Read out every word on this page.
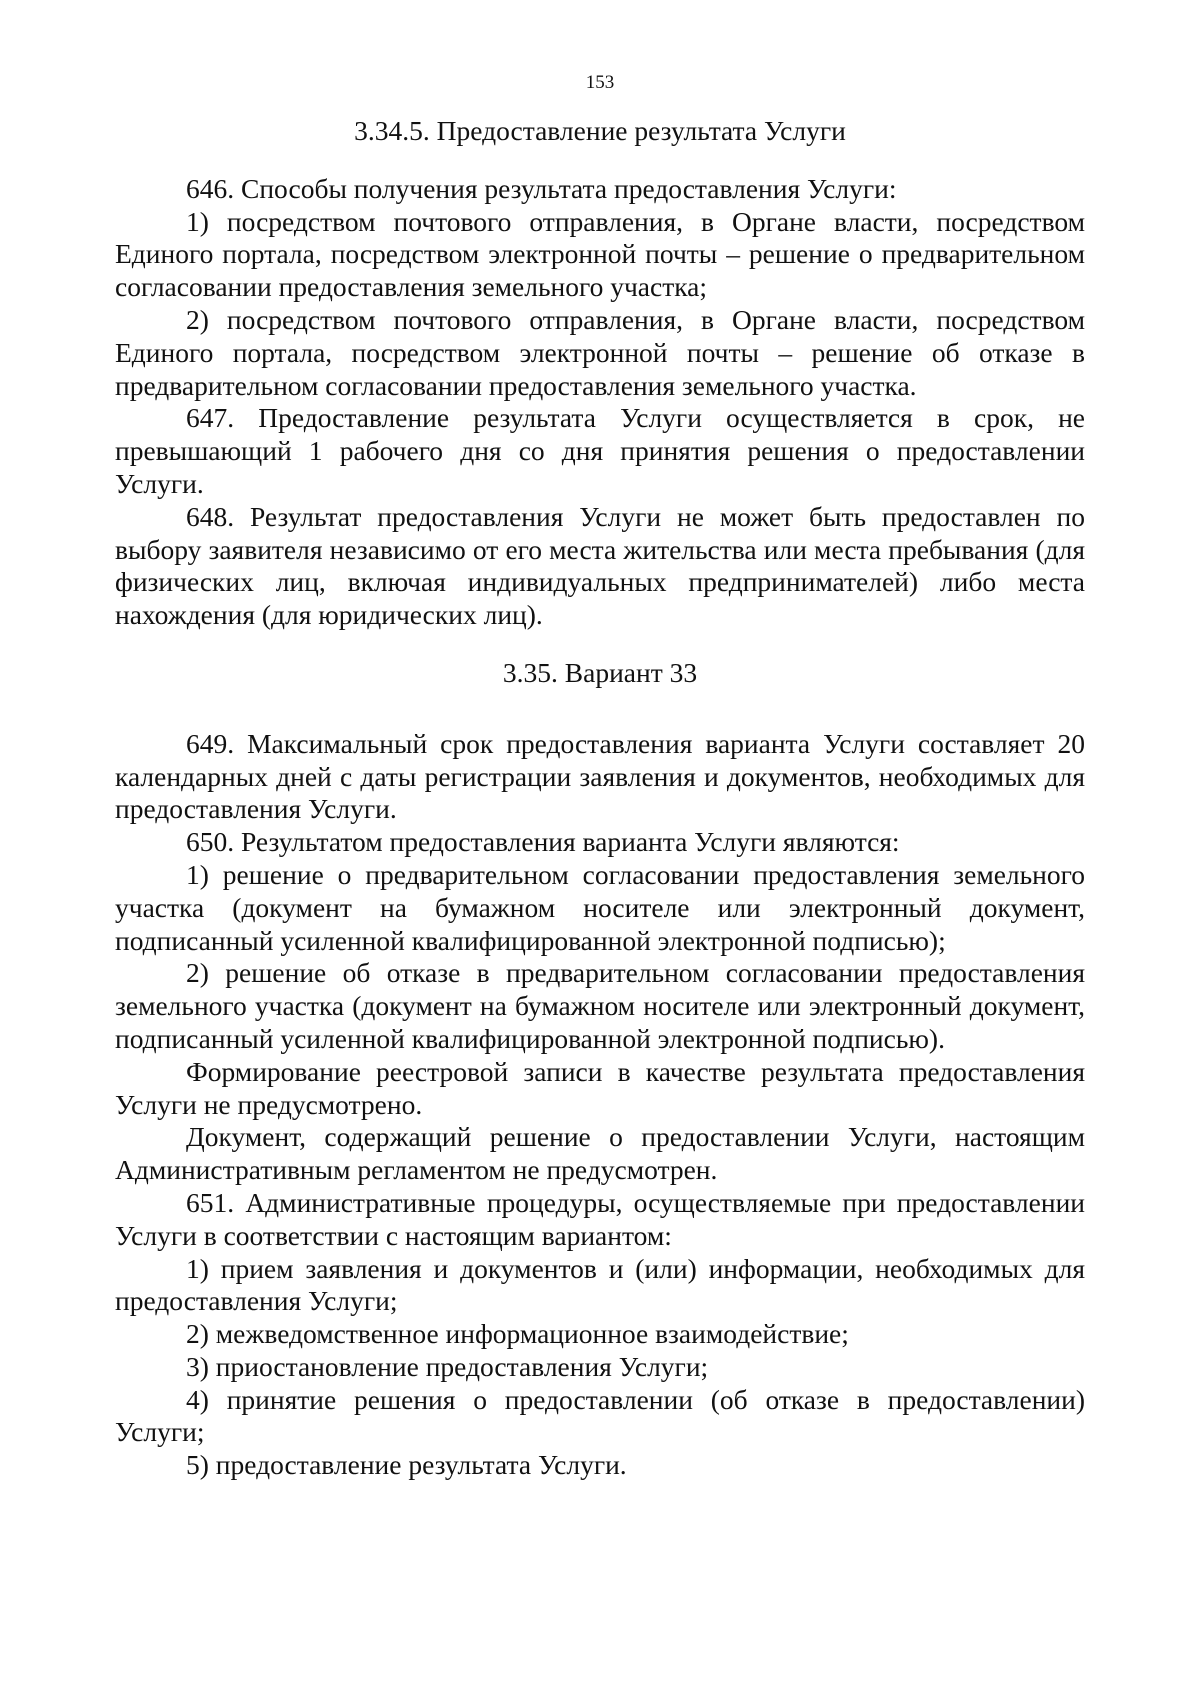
153

3.34.5. Предоставление результата Услуги

646. Способы получения результата предоставления Услуги:

1) посредством почтового отправления, в Органе власти, посредством Единого портала, посредством электронной почты – решение о предварительном согласовании предоставления земельного участка;

2) посредством почтового отправления, в Органе власти, посредством Единого портала, посредством электронной почты – решение об отказе в предварительном согласовании предоставления земельного участка.

647. Предоставление результата Услуги осуществляется в срок, не превышающий 1 рабочего дня со дня принятия решения о предоставлении Услуги.

648. Результат предоставления Услуги не может быть предоставлен по выбору заявителя независимо от его места жительства или места пребывания (для физических лиц, включая индивидуальных предпринимателей) либо места нахождения (для юридических лиц).

3.35. Вариант 33

649. Максимальный срок предоставления варианта Услуги составляет 20 календарных дней с даты регистрации заявления и документов, необходимых для предоставления Услуги.

650. Результатом предоставления варианта Услуги являются:

1) решение о предварительном согласовании предоставления земельного участка (документ на бумажном носителе или электронный документ, подписанный усиленной квалифицированной электронной подписью);

2) решение об отказе в предварительном согласовании предоставления земельного участка (документ на бумажном носителе или электронный документ, подписанный усиленной квалифицированной электронной подписью).

Формирование реестровой записи в качестве результата предоставления Услуги не предусмотрено.

Документ, содержащий решение о предоставлении Услуги, настоящим Административным регламентом не предусмотрен.

651. Административные процедуры, осуществляемые при предоставлении Услуги в соответствии с настоящим вариантом:

1) прием заявления и документов и (или) информации, необходимых для предоставления Услуги;

2) межведомственное информационное взаимодействие;

3) приостановление предоставления Услуги;

4) принятие решения о предоставлении (об отказе в предоставлении) Услуги;

5) предоставление результата Услуги.
